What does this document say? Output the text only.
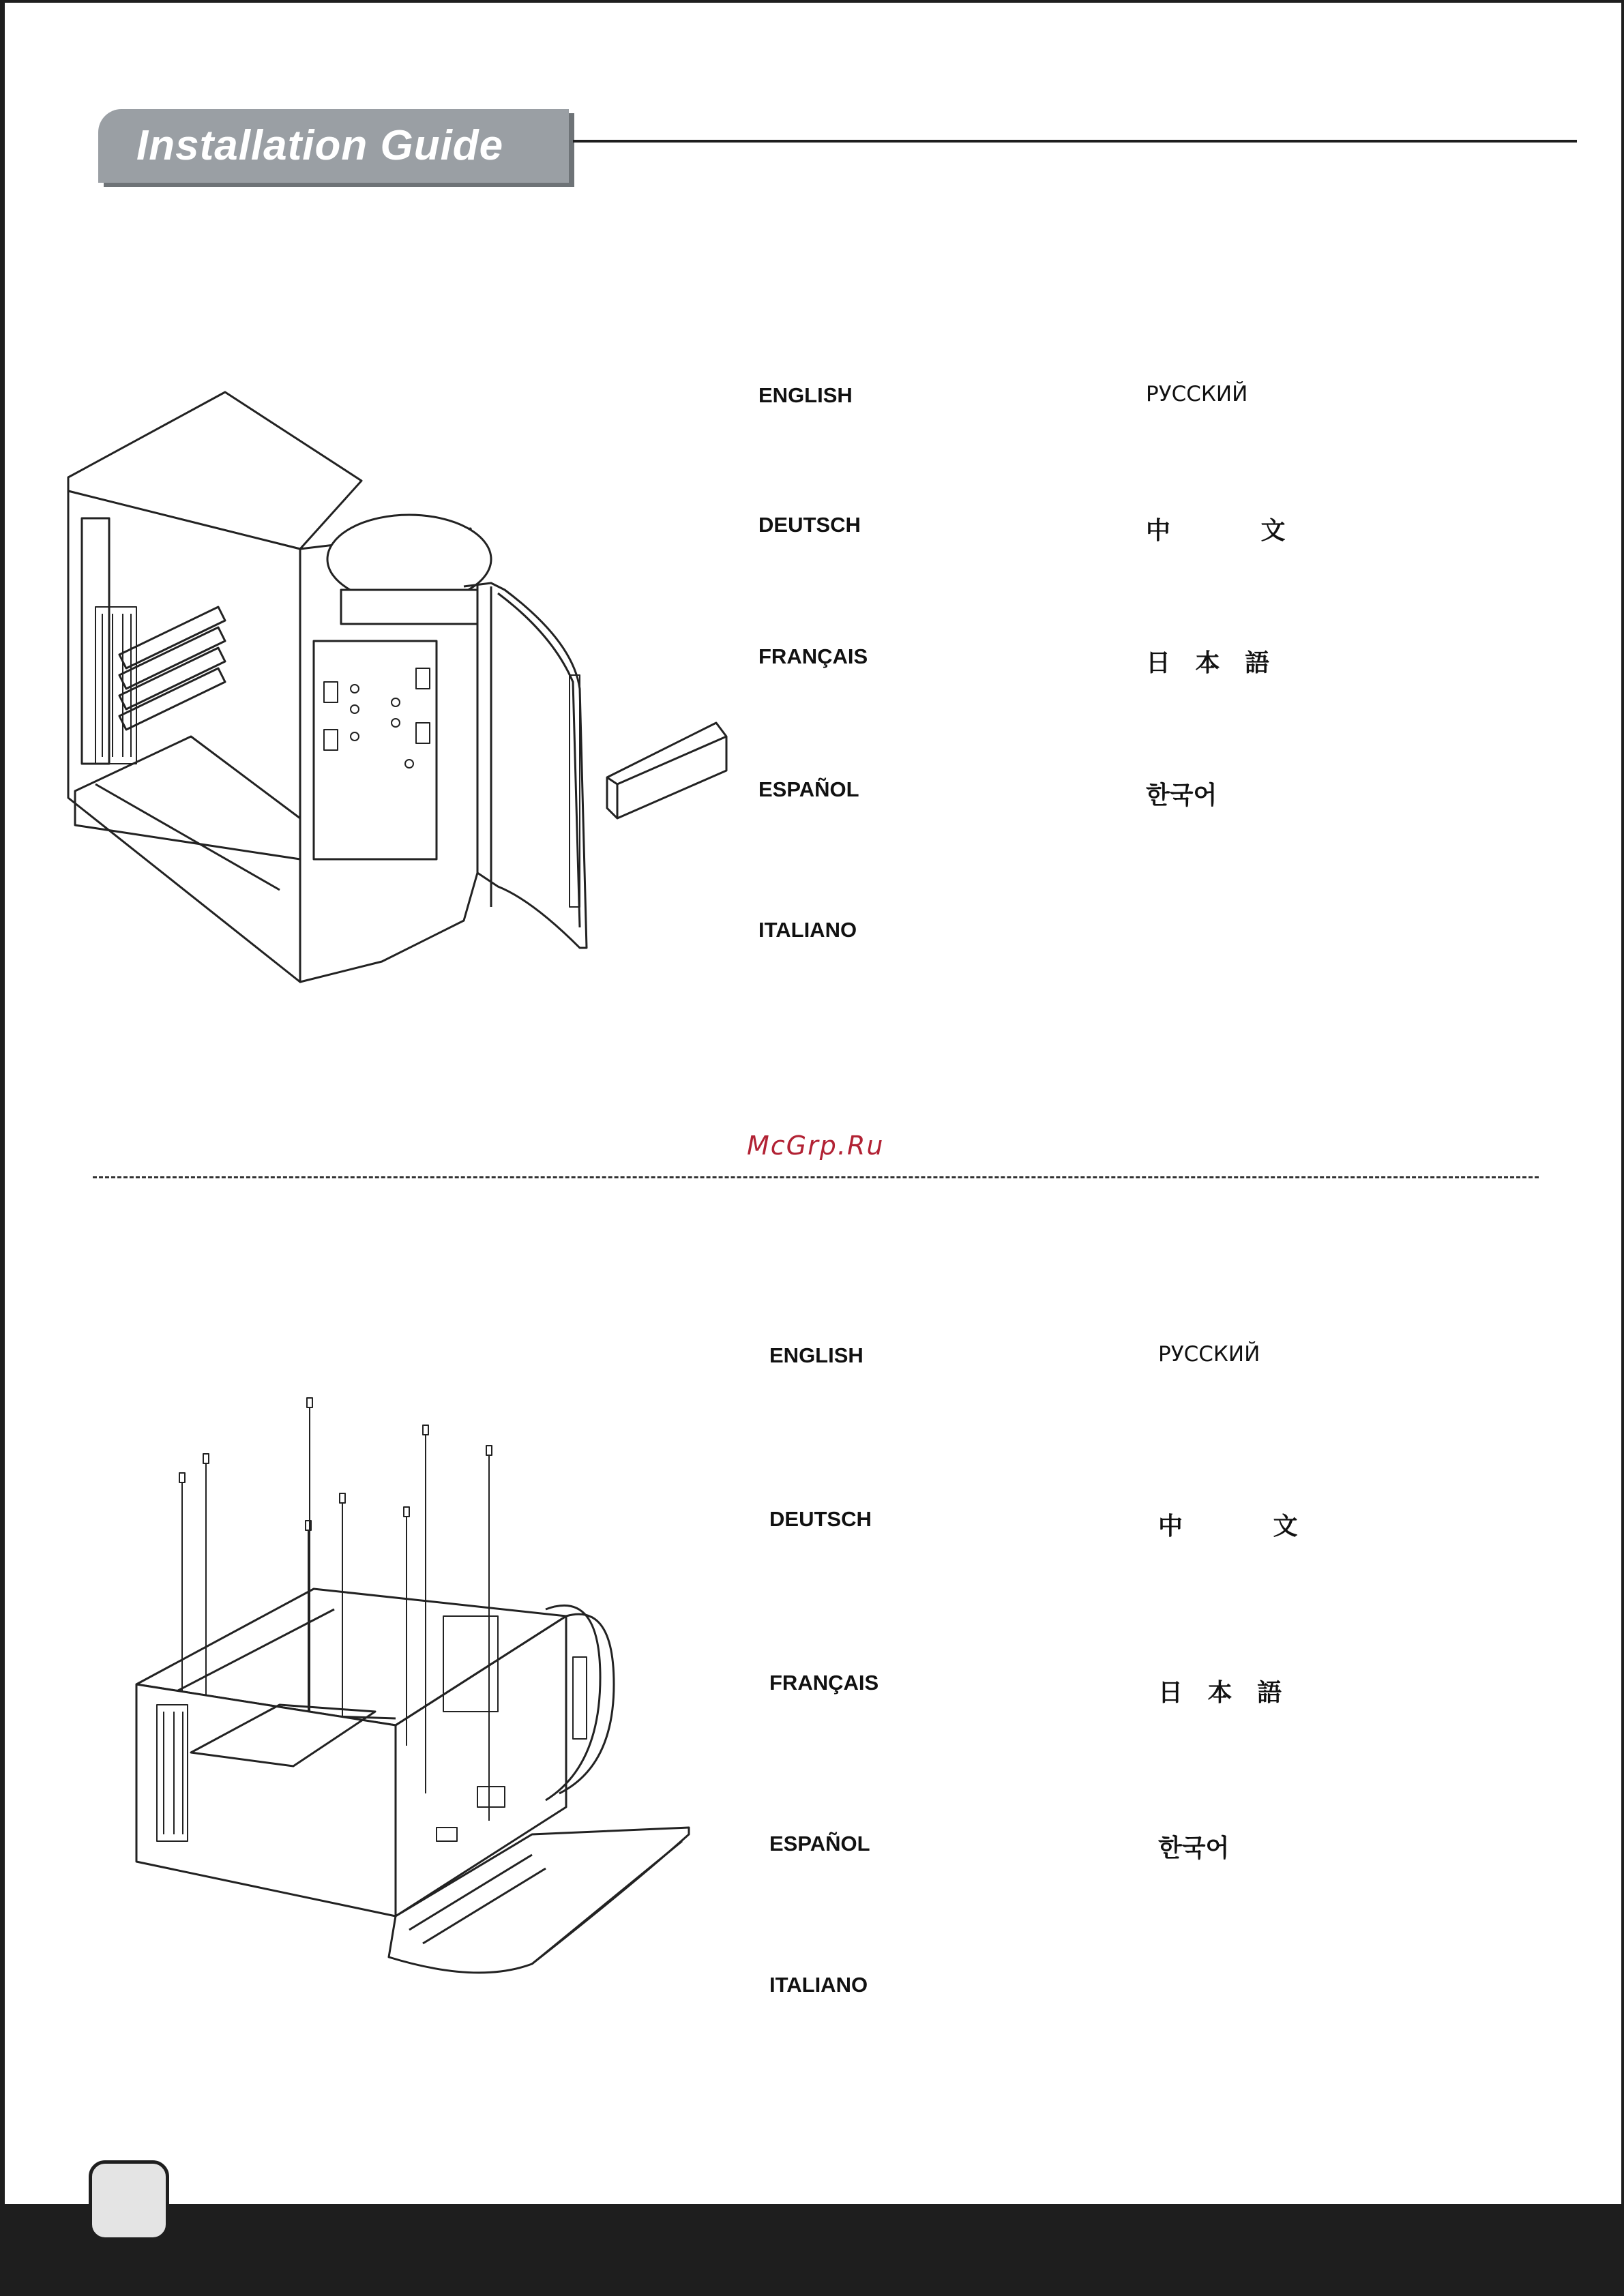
Installation Guide
ENGLISH
DEUTSCH
FRANÇAIS
ESPAÑOL
ITALIANO
РУССКИЙ
中 文
日 本 語
한국어
McGrp.Ru
ENGLISH
DEUTSCH
FRANÇAIS
ESPAÑOL
ITALIANO
РУССКИЙ
中 文
日 本 語
한국어
